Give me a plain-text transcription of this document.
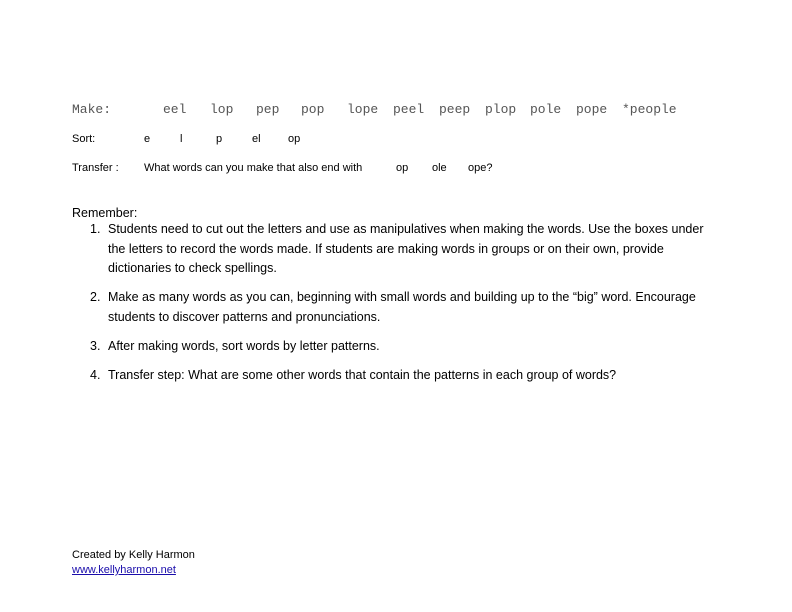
Make:	eel lop pep pop lope peel peep plop pole pope *people
Sort:	e	l	p	el op
Transfer : What words can you make that also end with	op ole ope?
Remember:
1. Students need to cut out the letters and use as manipulatives when making the words. Use the boxes under the letters to record the words made. If students are making words in groups or on their own, provide dictionaries to check spellings.
2. Make as many words as you can, beginning with small words and building up to the “big” word. Encourage students to discover patterns and pronunciations.
3. After making words, sort words by letter patterns.
4. Transfer step: What are some other words that contain the patterns in each group of words?
Created by Kelly Harmon
www.kellyharmon.net
